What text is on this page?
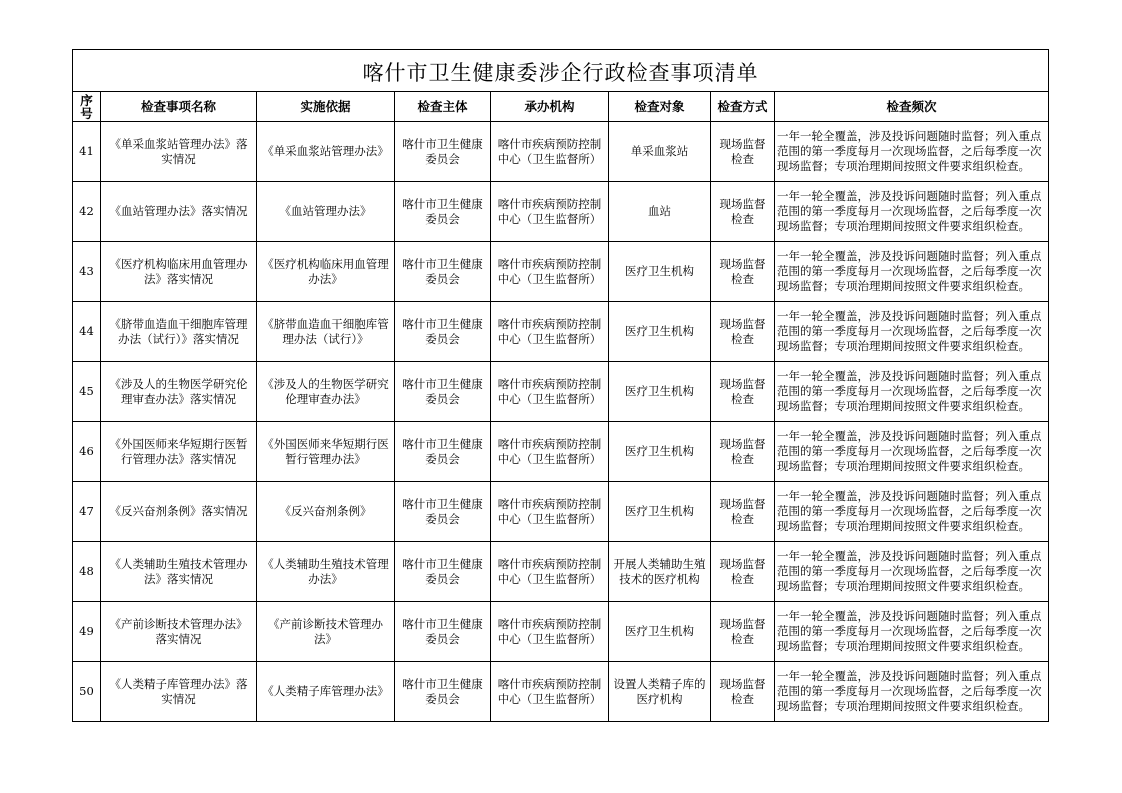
喀什市卫生健康委涉企行政检查事项清单							
序号	检查事项名称	实施依据	检查主体	承办机构	检查对象	检查方式	检查频次
41	《单采血浆站管理办法》落实情况	《单采血浆站管理办法》	喀什市卫生健康委员会	喀什市疾病预防控制中心（卫生监督所）	单采血浆站	现场监督检查	一年一轮全覆盖，涉及投诉问题随时监督；列入重点范围的第一季度每月一次现场监督，之后每季度一次现场监督；专项治理期间按照文件要求组织检查。
42	《血站管理办法》落实情况	《血站管理办法》	喀什市卫生健康委员会	喀什市疾病预防控制中心（卫生监督所）	血站	现场监督检查	一年一轮全覆盖，涉及投诉问题随时监督；列入重点范围的第一季度每月一次现场监督，之后每季度一次现场监督；专项治理期间按照文件要求组织检查。
43	《医疗机构临床用血管理办法》落实情况	《医疗机构临床用血管理办法》	喀什市卫生健康委员会	喀什市疾病预防控制中心（卫生监督所）	医疗卫生机构	现场监督检查	一年一轮全覆盖，涉及投诉问题随时监督；列入重点范围的第一季度每月一次现场监督，之后每季度一次现场监督；专项治理期间按照文件要求组织检查。
44	《脐带血造血干细胞库管理办法（试行）》落实情况	《脐带血造血干细胞库管理办法（试行）》	喀什市卫生健康委员会	喀什市疾病预防控制中心（卫生监督所）	医疗卫生机构	现场监督检查	一年一轮全覆盖，涉及投诉问题随时监督；列入重点范围的第一季度每月一次现场监督，之后每季度一次现场监督；专项治理期间按照文件要求组织检查。
45	《涉及人的生物医学研究伦理审查办法》落实情况	《涉及人的生物医学研究伦理审查办法》	喀什市卫生健康委员会	喀什市疾病预防控制中心（卫生监督所）	医疗卫生机构	现场监督检查	一年一轮全覆盖，涉及投诉问题随时监督；列入重点范围的第一季度每月一次现场监督，之后每季度一次现场监督；专项治理期间按照文件要求组织检查。
46	《外国医师来华短期行医暂行管理办法》落实情况	《外国医师来华短期行医暂行管理办法》	喀什市卫生健康委员会	喀什市疾病预防控制中心（卫生监督所）	医疗卫生机构	现场监督检查	一年一轮全覆盖，涉及投诉问题随时监督；列入重点范围的第一季度每月一次现场监督，之后每季度一次现场监督；专项治理期间按照文件要求组织检查。
47	《反兴奋剂条例》落实情况	《反兴奋剂条例》	喀什市卫生健康委员会	喀什市疾病预防控制中心（卫生监督所）	医疗卫生机构	现场监督检查	一年一轮全覆盖，涉及投诉问题随时监督；列入重点范围的第一季度每月一次现场监督，之后每季度一次现场监督；专项治理期间按照文件要求组织检查。
48	《人类辅助生殖技术管理办法》落实情况	《人类辅助生殖技术管理办法》	喀什市卫生健康委员会	喀什市疾病预防控制中心（卫生监督所）	开展人类辅助生殖技术的医疗机构	现场监督检查	一年一轮全覆盖，涉及投诉问题随时监督；列入重点范围的第一季度每月一次现场监督，之后每季度一次现场监督；专项治理期间按照文件要求组织检查。
49	《产前诊断技术管理办法》落实情况	《产前诊断技术管理办法》	喀什市卫生健康委员会	喀什市疾病预防控制中心（卫生监督所）	医疗卫生机构	现场监督检查	一年一轮全覆盖，涉及投诉问题随时监督；列入重点范围的第一季度每月一次现场监督，之后每季度一次现场监督；专项治理期间按照文件要求组织检查。
50	《人类精子库管理办法》落实情况	《人类精子库管理办法》	喀什市卫生健康委员会	喀什市疾病预防控制中心（卫生监督所）	设置人类精子库的医疗机构	现场监督检查	一年一轮全覆盖，涉及投诉问题随时监督；列入重点范围的第一季度每月一次现场监督，之后每季度一次现场监督；专项治理期间按照文件要求组织检查。
